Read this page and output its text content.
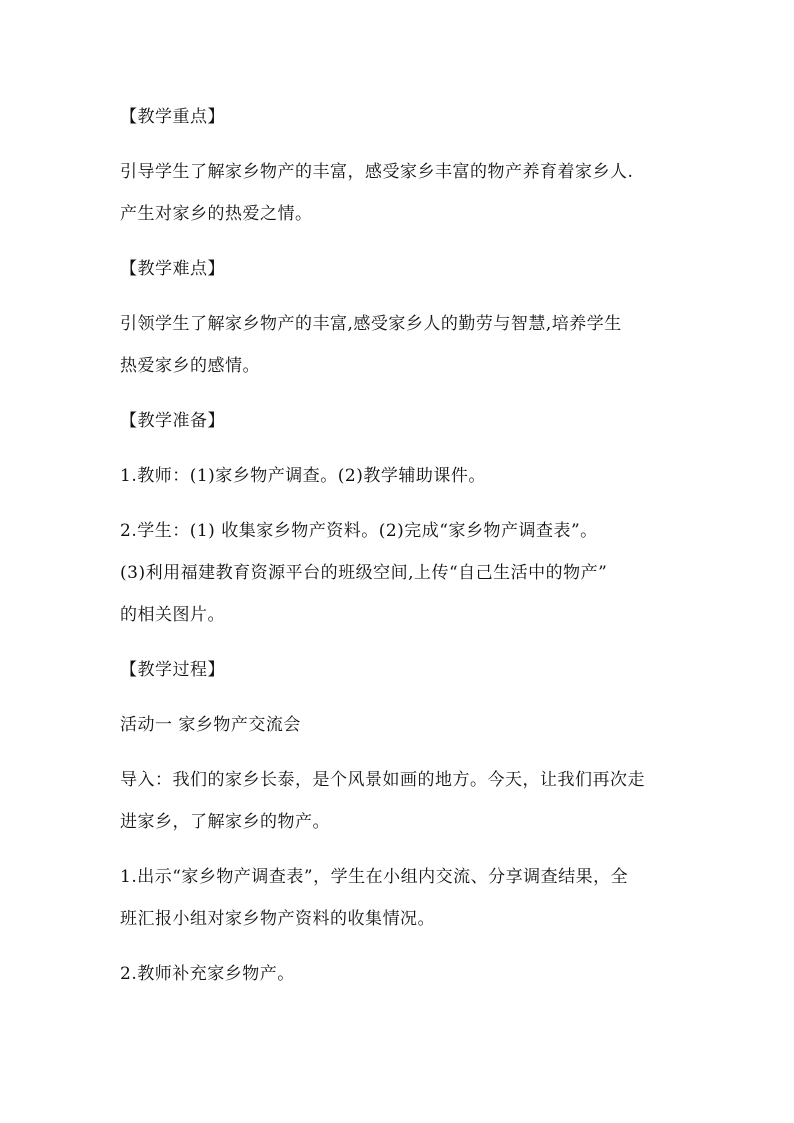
【教学重点】
引导学生了解家乡物产的丰富，感受家乡丰富的物产养育着家乡人.
产生对家乡的热爱之情。
【教学难点】
引领学生了解家乡物产的丰富,感受家乡人的勤劳与智慧,培养学生
热爱家乡的感情。
【教学准备】
1.教师：(1)家乡物产调查。(2)教学辅助课件。
2.学生：(1) 收集家乡物产资料。(2)完成“家乡物产调查表”。
(3)利用福建教育资源平台的班级空间,上传“自己生活中的物产”
的相关图片。
【教学过程】
活动一 家乡物产交流会
导入：我们的家乡长泰，是个风景如画的地方。今天，让我们再次走
进家乡，了解家乡的物产。
1.出示“家乡物产调查表”，学生在小组内交流、分享调查结果，全
班汇报小组对家乡物产资料的收集情况。
2.教师补充家乡物产。
